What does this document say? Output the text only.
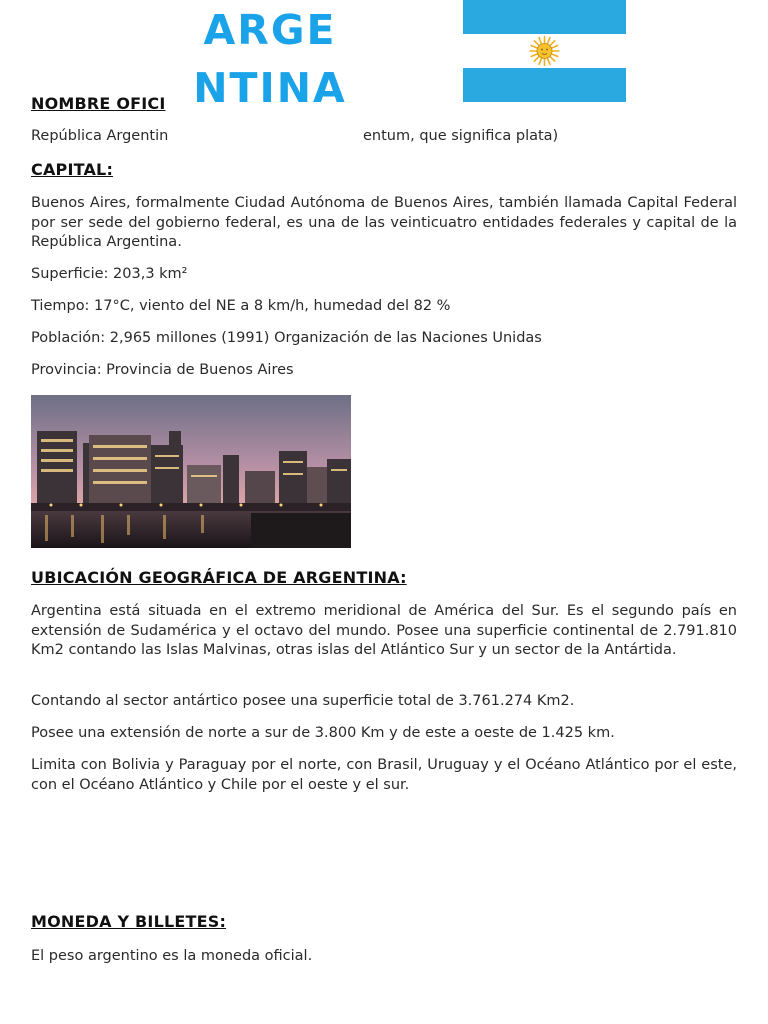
NOMBRE OFICI
República Argentin	entum, que significa plata)
ARGE
NTINA
CAPITAL:
Buenos Aires, formalmente Ciudad Autónoma de Buenos Aires, también llamada Capital Federal por ser sede del gobierno federal, es una de las veinticuatro entidades federales y capital de la República Argentina.
Superficie: 203,3 km²
Tiempo: 17°C, viento del NE a 8 km/h, humedad del 82 %
Población: 2,965 millones (1991) Organización de las Naciones Unidas
Provincia: Provincia de Buenos Aires
UBICACIÓN GEOGRÁFICA DE ARGENTINA:
Argentina está situada en el extremo meridional de América del Sur. Es el segundo país en extensión de Sudamérica y el octavo del mundo. Posee una superficie continental de 2.791.810 Km2 contando las Islas Malvinas, otras islas del Atlántico Sur y un sector de la Antártida.
Contando al sector antártico posee una superficie total de 3.761.274 Km2.
Posee una extensión de norte a sur de 3.800 Km y de este a oeste de 1.425 km.
Limita con Bolivia y Paraguay por el norte, con Brasil, Uruguay y el Océano Atlántico por el este, con el Océano Atlántico y Chile por el oeste y el sur.
MONEDA Y BILLETES:
El peso argentino es la moneda oficial.
